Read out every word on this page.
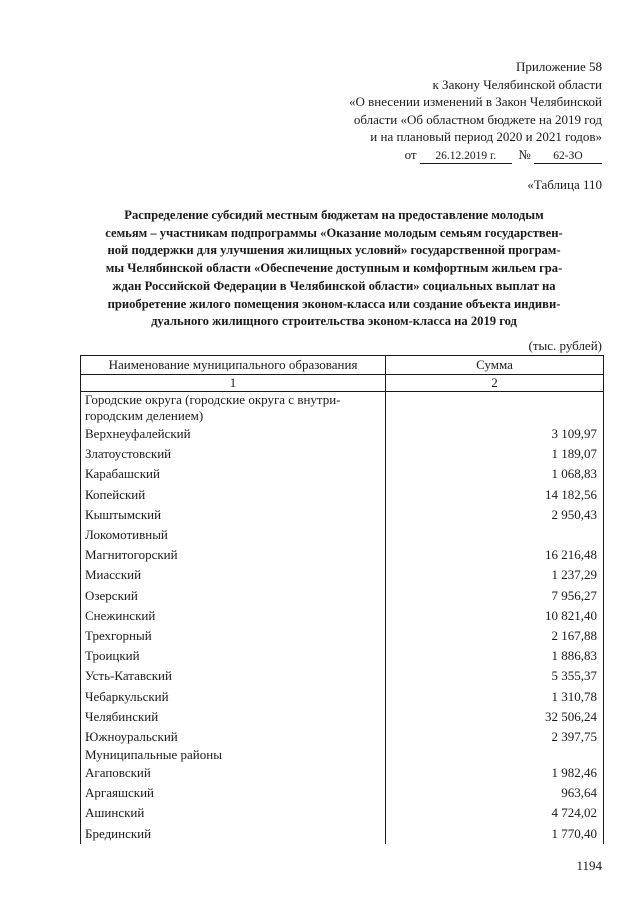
Приложение 58
к Закону Челябинской области
«О внесении изменений в Закон Челябинской
области «Об областном бюджете на 2019 год
и на плановый период 2020 и 2021 годов»
от 26.12.2019 г. № 62-ЗО
«Таблица 110
Распределение субсидий местным бюджетам на предоставление молодым
семьям – участникам подпрограммы «Оказание молодым семьям государствен-
ной поддержки для улучшения жилищных условий» государственной програм-
мы Челябинской области «Обеспечение доступным и комфортным жильем гра-
ждан Российской Федерации в Челябинской области» социальных выплат на
приобретение жилого помещения эконом-класса или создание объекта индиви-
дуального жилищного строительства эконом-класса на 2019 год
(тыс. рублей)
Наименование муниципального образования	Сумма
1	2
Городские округа (городские округа с внутри-
городским делением)	
Верхнеуфалейский	3 109,97
Златоустовский	1 189,07
Карабашский	1 068,83
Копейский	14 182,56
Кыштымский	2 950,43
Локомотивный	
Магнитогорский	16 216,48
Миасский	1 237,29
Озерский	7 956,27
Снежинский	10 821,40
Трехгорный	2 167,88
Троицкий	1 886,83
Усть-Катавский	5 355,37
Чебаркульский	1 310,78
Челябинский	32 506,24
Южноуральский	2 397,75
Муниципальные районы	
Агаповский	1 982,46
Аргаяшский	963,64
Ашинский	4 724,02
Брединский	1 770,40
1194
